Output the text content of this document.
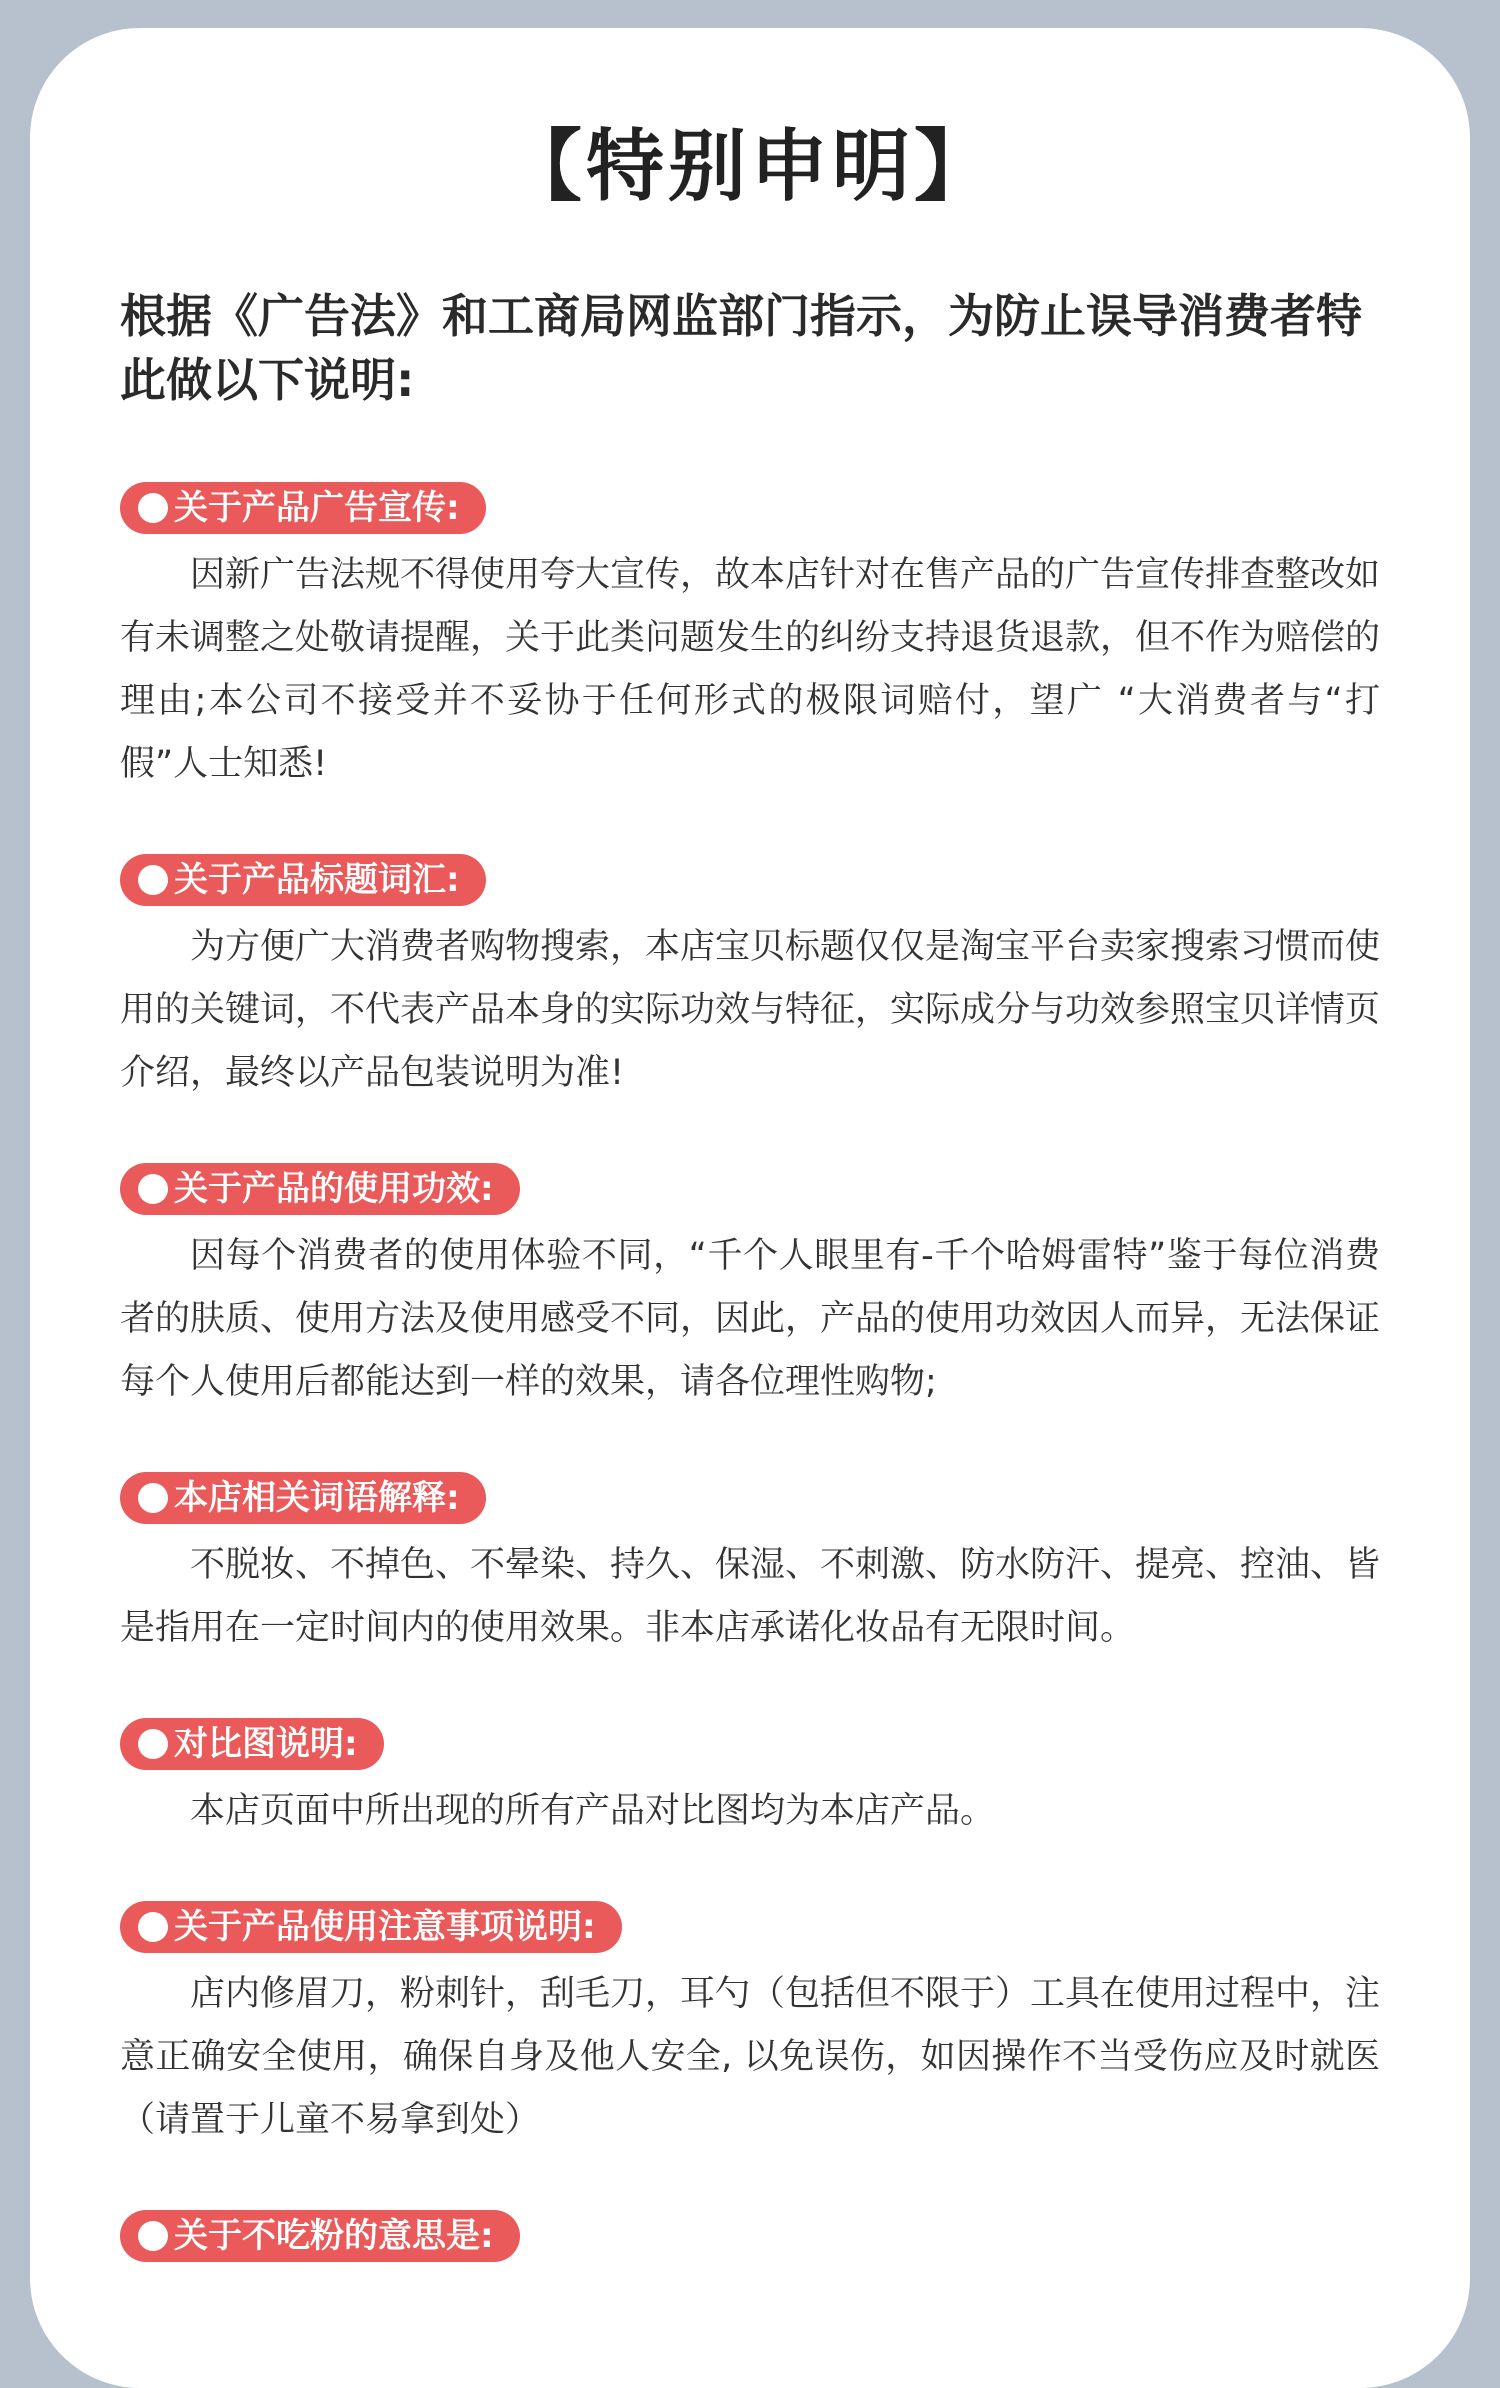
【特别申明】

根据《广告法》和工商局网监部门指示，为防止误导消费者特此做以下说明:

关于产品广告宣传:

因新广告法规不得使用夸大宣传，故本店针对在售产品的广告宣传排查整改如有未调整之处敬请提醒，关于此类问题发生的纠纷支持退货退款，但不作为赔偿的理由;本公司不接受并不妥协于任何形式的极限词赔付，望广 “大消费者与“打假”人士知悉!

关于产品标题词汇:

为方便广大消费者购物搜索，本店宝贝标题仅仅是淘宝平台卖家搜索习惯而使用的关键词，不代表产品本身的实际功效与特征，实际成分与功效参照宝贝详情页介绍，最终以产品包装说明为准!

关于产品的使用功效:

因每个消费者的使用体验不同，“千个人眼里有-千个哈姆雷特”鉴于每位消费者的肤质、使用方法及使用感受不同，因此，产品的使用功效因人而异，无法保证每个人使用后都能达到一样的效果，请各位理性购物;

本店相关词语解释:

不脱妆、不掉色、不晕染、持久、保湿、不刺激、防水防汗、提亮、控油、皆是指用在一定时间内的使用效果。非本店承诺化妆品有无限时间。

对比图说明:

本店页面中所出现的所有产品对比图均为本店产品。

关于产品使用注意事项说明:

店内修眉刀，粉刺针，刮毛刀，耳勺（包括但不限于）工具在使用过程中，注意正确安全使用，确保自身及他人安全, 以免误伤，如因操作不当受伤应及时就医（请置于儿童不易拿到处）

关于不吃粉的意思是:
